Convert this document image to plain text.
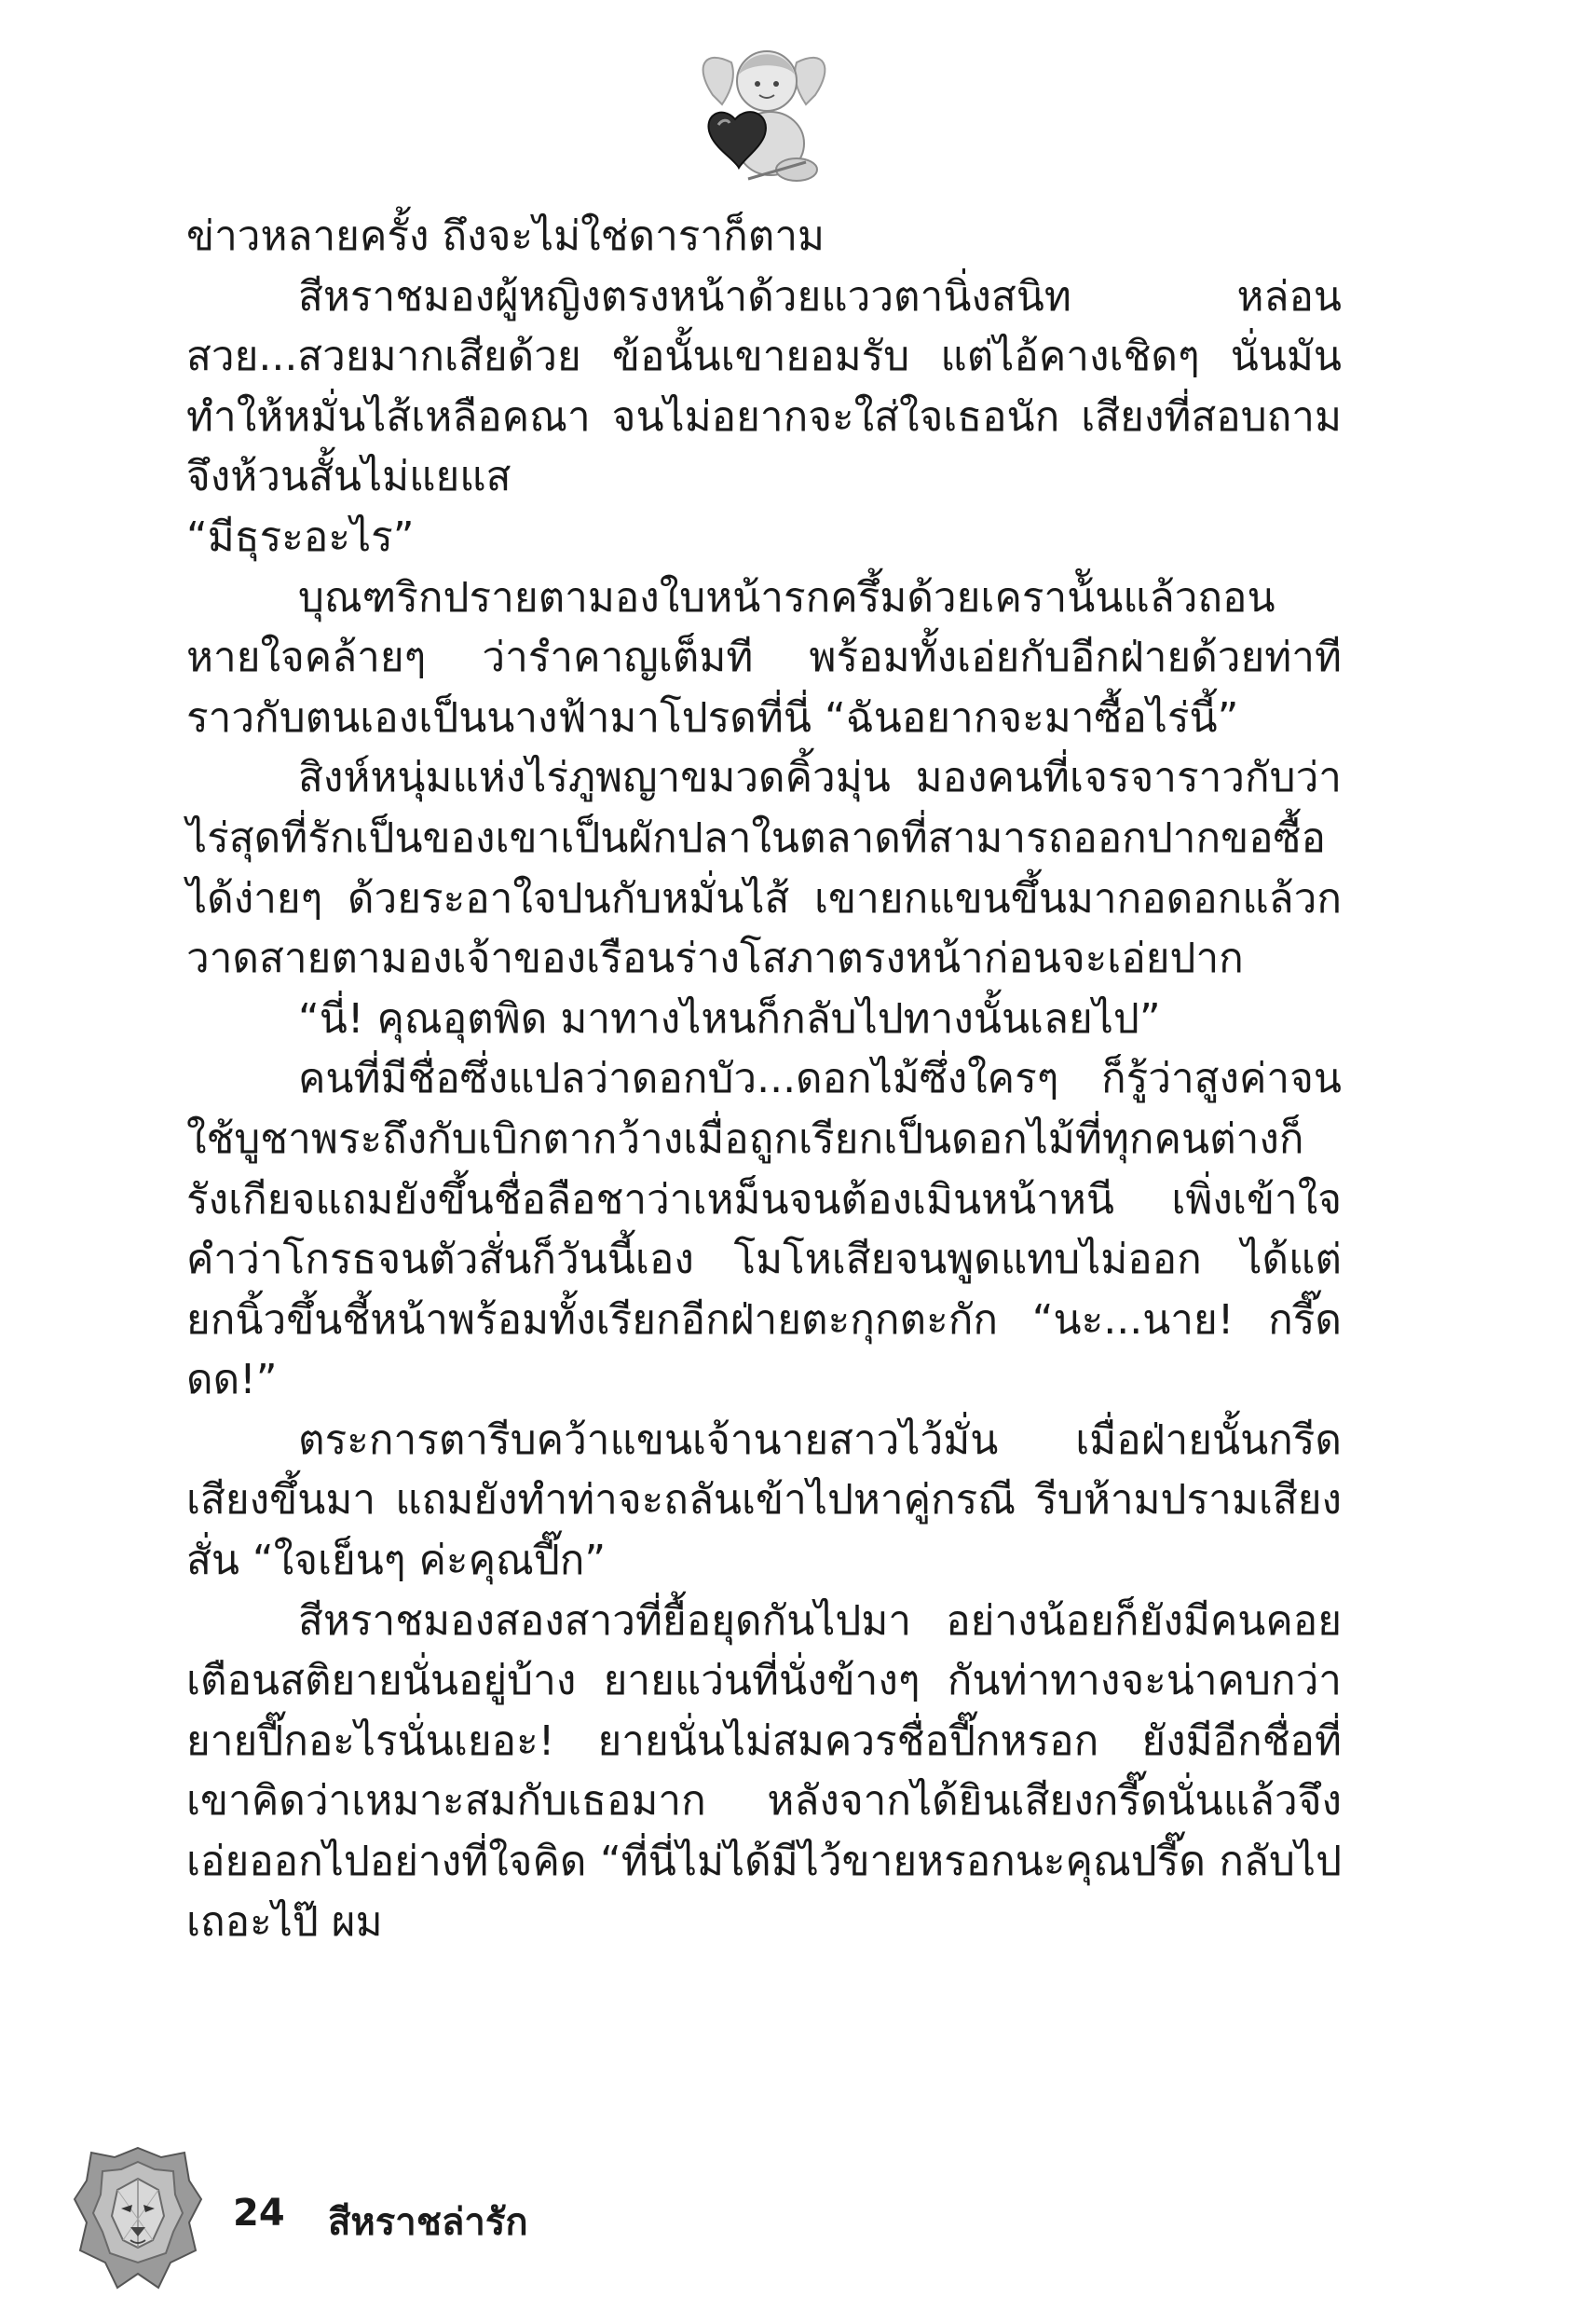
ข่าวหลายครั้ง ถึงจะไม่ใช่ดาราก็ตาม

สีหราชมองผู้หญิงตรงหน้าด้วยแววตานิ่งสนิท หล่อนสวย...สวยมากเสียด้วย ข้อนั้นเขายอมรับ แต่ไอ้คางเชิดๆ นั่นมันทำให้หมั่นไส้เหลือคณา จนไม่อยากจะใส่ใจเธอนัก เสียงที่สอบถามจึงห้วนสั้นไม่แยแส

“มีธุระอะไร”

บุณฑริกปรายตามองใบหน้ารกครึ้มด้วยเคราน้ันแล้วถอนหายใจคล้ายๆ ว่ารำคาญเต็มที พร้อมทั้งเอ่ยกับอีกฝ่ายด้วยท่าทีราวกับตนเองเป็นนางฟ้ามาโปรดที่นี่ “ฉันอยากจะมาซื้อไร่นี้”

สิงห์หนุ่มแห่งไร่ภูพญาขมวดคิ้วมุ่น มองคนที่เจรจาราวกับว่าไร่สุดที่รักเป็นของเขาเป็นผักปลาในตลาดที่สามารถออกปากขอซื้อได้ง่ายๆ ด้วยระอาใจปนกับหมั่นไส้ เขายกแขนขึ้นมากอดอกแล้วกวาดสายตามองเจ้าของเรือนร่างโสภาตรงหน้าก่อนจะเอ่ยปาก

“นี่! คุณอุตพิด มาทางไหนก็กลับไปทางนั้นเลยไป”

คนที่มีชื่อซึ่งแปลว่าดอกบัว...ดอกไม้ซึ่งใครๆ ก็รู้ว่าสูงค่าจนใช้บูชาพระถึงกับเบิกตากว้างเมื่อถูกเรียกเป็นดอกไม้ที่ทุกคนต่างก็รังเกียจแถมยังขึ้นชื่อลือชาว่าเหม็นจนต้องเมินหน้าหนี เพิ่งเข้าใจคำว่าโกรธจนตัวสั่นก็วันนี้เอง โมโหเสียจนพูดแทบไม่ออก ได้แต่ยกนิ้วขึ้นชี้หน้าพร้อมทั้งเรียกอีกฝ่ายตะกุกตะกัก “นะ...นาย! กรี๊ดดด!”

ตระการตารีบคว้าแขนเจ้านายสาวไว้มั่น เมื่อฝ่ายนั้นกรีดเสียงขึ้นมา แถมยังทำท่าจะถลันเข้าไปหาคู่กรณี รีบห้ามปรามเสียงสั่น “ใจเย็นๆ ค่ะคุณปี๊ก”

สีหราชมองสองสาวที่ยื้อยุดกันไปมา อย่างน้อยก็ยังมีคนคอยเตือนสติยายนั่นอยู่บ้าง ยายแว่นที่นั่งข้างๆ กันท่าทางจะน่าคบกว่ายายปี๊กอะไรนั่นเยอะ! ยายนั่นไม่สมควรชื่อปี๊กหรอก ยังมีอีกชื่อที่เขาคิดว่าเหมาะสมกับเธอมาก หลังจากได้ยินเสียงกรี๊ดนั่นแล้วจึงเอ่ยออกไปอย่างที่ใจคิด “ที่นี่ไม่ได้มีไว้ขายหรอกนะคุณปรี๊ด กลับไปเถอะไป๊ ผม

24 สีหราชล่ารัก
